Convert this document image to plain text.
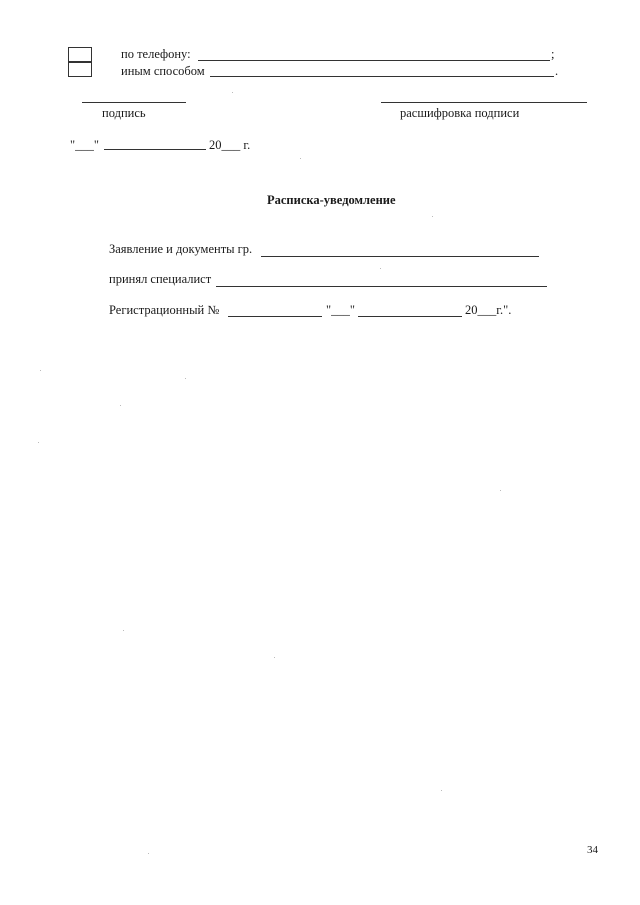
по телефону:	;
иным способом	.
подпись	расшифровка подписи
"___"	20___ г.
Расписка-уведомление
Заявление и документы гр.
принял специалист
Регистрационный №	"___"	20___г.".
34
